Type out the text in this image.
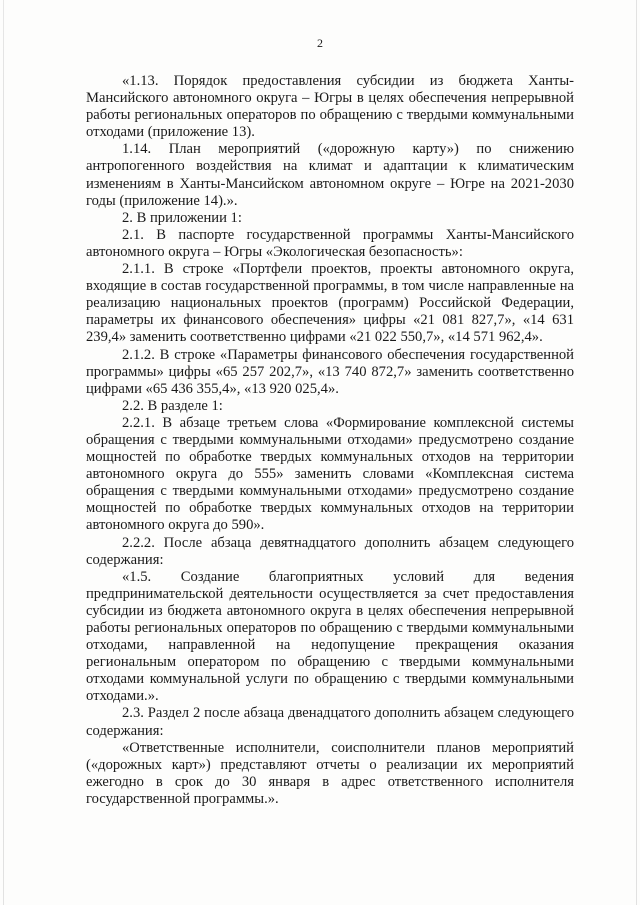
2

«1.13. Порядок предоставления субсидии из бюджета Ханты-Мансийского автономного округа – Югры в целях обеспечения непрерывной работы региональных операторов по обращению с твердыми коммунальными отходами (приложение 13).

1.14. План мероприятий («дорожную карту») по снижению антропогенного воздействия на климат и адаптации к климатическим изменениям в Ханты-Мансийском автономном округе – Югре на 2021-2030 годы (приложение 14).».

2. В приложении 1:

2.1. В паспорте государственной программы Ханты-Мансийского автономного округа – Югры «Экологическая безопасность»:

2.1.1. В строке «Портфели проектов, проекты автономного округа, входящие в состав государственной программы, в том числе направленные на реализацию национальных проектов (программ) Российской Федерации, параметры их финансового обеспечения» цифры «21 081 827,7», «14 631 239,4» заменить соответственно цифрами «21 022 550,7», «14 571 962,4».

2.1.2. В строке «Параметры финансового обеспечения государственной программы» цифры «65 257 202,7», «13 740 872,7» заменить соответственно цифрами «65 436 355,4», «13 920 025,4».

2.2. В разделе 1:

2.2.1. В абзаце третьем слова «Формирование комплексной системы обращения с твердыми коммунальными отходами» предусмотрено создание мощностей по обработке твердых коммунальных отходов на территории автономного округа до 555» заменить словами «Комплексная система обращения с твердыми коммунальными отходами» предусмотрено создание мощностей по обработке твердых коммунальных отходов на территории автономного округа до 590».

2.2.2. После абзаца девятнадцатого дополнить абзацем следующего содержания:

«1.5. Создание благоприятных условий для ведения предпринимательской деятельности осуществляется за счет предоставления субсидии из бюджета автономного округа в целях обеспечения непрерывной работы региональных операторов по обращению с твердыми коммунальными отходами, направленной на недопущение прекращения оказания региональным оператором по обращению с твердыми коммунальными отходами коммунальной услуги по обращению с твердыми коммунальными отходами.».

2.3. Раздел 2 после абзаца двенадцатого дополнить абзацем следующего содержания:

«Ответственные исполнители, соисполнители планов мероприятий («дорожных карт») представляют отчеты о реализации их мероприятий ежегодно в срок до 30 января в адрес ответственного исполнителя государственной программы.».
